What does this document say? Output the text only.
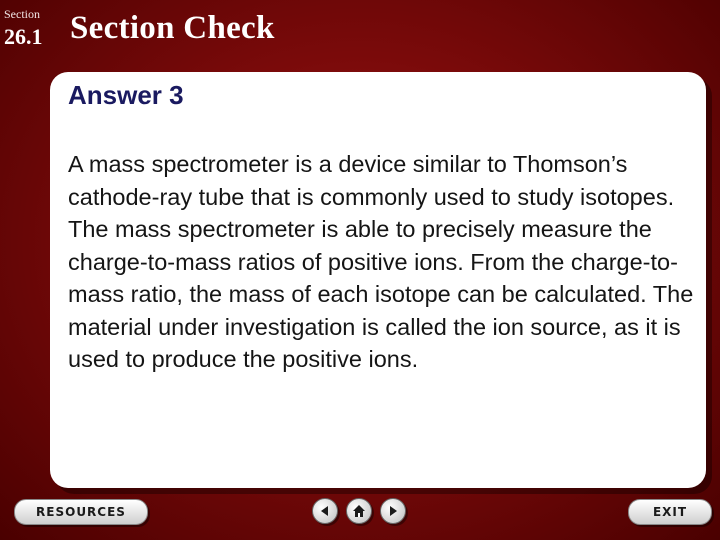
Section
26.1 Section Check
Answer 3
A mass spectrometer is a device similar to Thomson’s cathode-ray tube that is commonly used to study isotopes. The mass spectrometer is able to precisely measure the charge-to-mass ratios of positive ions. From the charge-to-mass ratio, the mass of each isotope can be calculated. The material under investigation is called the ion source, as it is used to produce the positive ions.
RESOURCES	EXIT
